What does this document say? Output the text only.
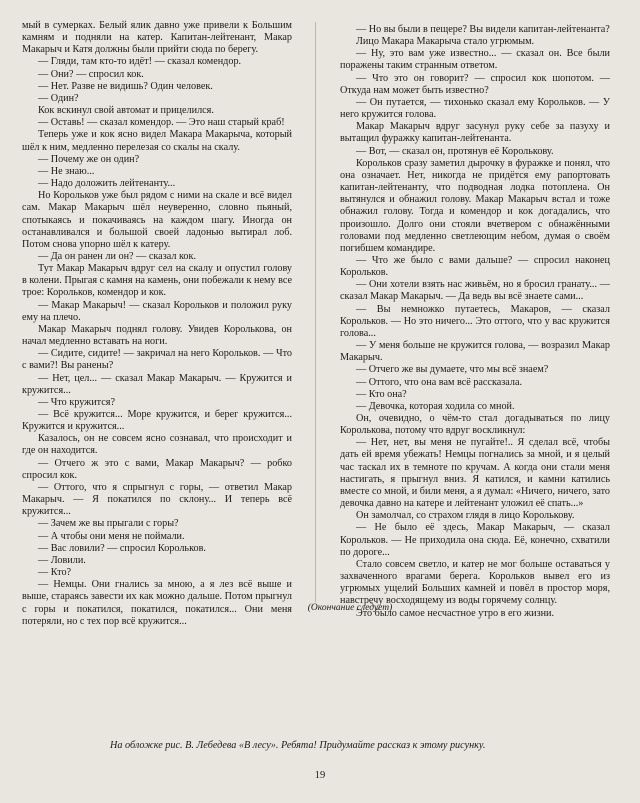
мый в сумерках. Белый ялик давно уже привели к Большим камням и подняли на катер. Капитан-лейтенант, Макар Макарыч и Катя должны были прийти сюда по берегу.

— Гляди, там кто-то идёт! — сказал комендор.

— Они? — спросил кок.

— Нет. Разве не видишь? Один человек.

— Один?

Кок вскинул свой автомат и прицелился.

— Оставь! — сказал комендор. — Это наш старый краб!

Теперь уже и кок ясно видел Макара Макарыча, который шёл к ним, медленно перелезая со скалы на скалу.

— Почему же он один?

— Не знаю...

— Надо доложить лейтенанту...

Но Корольков уже был рядом с ними на скале и всё видел сам. Макар Макарыч шёл неуверенно, словно пьяный, спотыкаясь и покачиваясь на каждом шагу. Иногда он останавливался и большой своей ладонью вытирал лоб. Потом снова упорно шёл к катеру.

— Да он ранен ли он? — сказал кок.

Тут Макар Макарыч вдруг сел на скалу и опустил голову в колени. Прыгая с камня на камень, они побежали к нему все трое: Корольков, комендор и кок.

— Макар Макарыч! — сказал Корольков и положил руку ему на плечо.

Макар Макарыч поднял голову. Увидев Королькова, он начал медленно вставать на ноги.

— Сидите, сидите! — закричал на него Корольков. — Что с вами?! Вы ранены?

— Нет, цел... — сказал Макар Макарыч. — Кружится и кружится...

— Что кружится?

— Всё кружится... Море кружится, и берег кружится... Кружится и кружится...

Казалось, он не совсем ясно сознавал, что происходит и где он находится.

— Отчего ж это с вами, Макар Макарыч? — робко спросил кок.

— Оттого, что я спрыгнул с горы, — ответил Макар Макарыч. — Я покатился по склону... И теперь всё кружится...

— Зачем же вы прыгали с горы?

— А чтобы они меня не поймали.

— Вас ловили? — спросил Корольков.

— Ловили.

— Кто?

— Немцы. Они гнались за мною, а я лез всё выше и выше, стараясь завести их как можно дальше. Потом прыгнул с горы и покатился, покатился, покатился... Они меня потеряли, но с тех пор всё кружится...

— Но вы были в пещере? Вы видели капитан-лейтенанта?

Лицо Макара Макарыча стало угрюмым.

— Ну, это вам уже известно... — сказал он. Все были поражены таким странным ответом.

— Что это он говорит? — спросил кок шопотом. — Откуда нам может быть известно?

— Он путается, — тихонько сказал ему Корольков. — У него кружится голова.

Макар Макарыч вдруг засунул руку себе за пазуху и вытащил фуражку капитан-лейтенанта.

— Вот, — сказал он, протянув её Королькову.

Корольков сразу заметил дырочку в фуражке и понял, что она означает. Нет, никогда не придётся ему рапортовать капитан-лейтенанту, что подводная лодка потоплена. Он вытянулся и обнажил голову. Макар Макарыч встал и тоже обнажил голову. Тогда и комендор и кок догадались, что произошло. Долго они стояли вчетвером с обнажёнными головами под медленно светлеющим небом, думая о своём погибшем командире.

— Что же было с вами дальше? — спросил наконец Корольков.

— Они хотели взять нас живьём, но я бросил гранату... — сказал Макар Макарыч. — Да ведь вы всё знаете сами...

— Вы немножко путаетесь, Макаров, — сказал Корольков. — Но это ничего... Это оттого, что у вас кружится голова...

— У меня больше не кружится голова, — возразил Макар Макарыч.

— Отчего же вы думаете, что мы всё знаем?

— Оттого, что она вам всё рассказала.

— Кто она?

— Девочка, которая ходила со мной.

Он, очевидно, о чём-то стал догадываться по лицу Королькова, потому что вдруг воскликнул:

— Нет, нет, вы меня не пугайте!.. Я сделал всё, чтобы дать ей время убежать! Немцы погнались за мной, и я целый час таскал их в темноте по кручам. А когда они стали меня настигать, я прыгнул вниз. Я катился, и камни катились вместе со мной, и били меня, а я думал: «Ничего, ничего, зато девочка давно на катере и лейтенант уложил её спать...»

Он замолчал, со страхом глядя в лицо Королькову.

— Не было её здесь, Макар Макарыч, — сказал Корольков. — Не приходила она сюда. Её, конечно, схватили по дороге...

Стало совсем светло, и катер не мог больше оставаться у захваченного врагами берега. Корольков вывел его из угрюмых ущелий Больших камней и повёл в простор моря, навстречу восходящему из воды горячему солнцу.

Это было самое несчастное утро в его жизни.

(Окончание следует)
На обложке рис. В. Лебедева «В лесу». Ребята! Придумайте рассказ к этому рисунку.
19
